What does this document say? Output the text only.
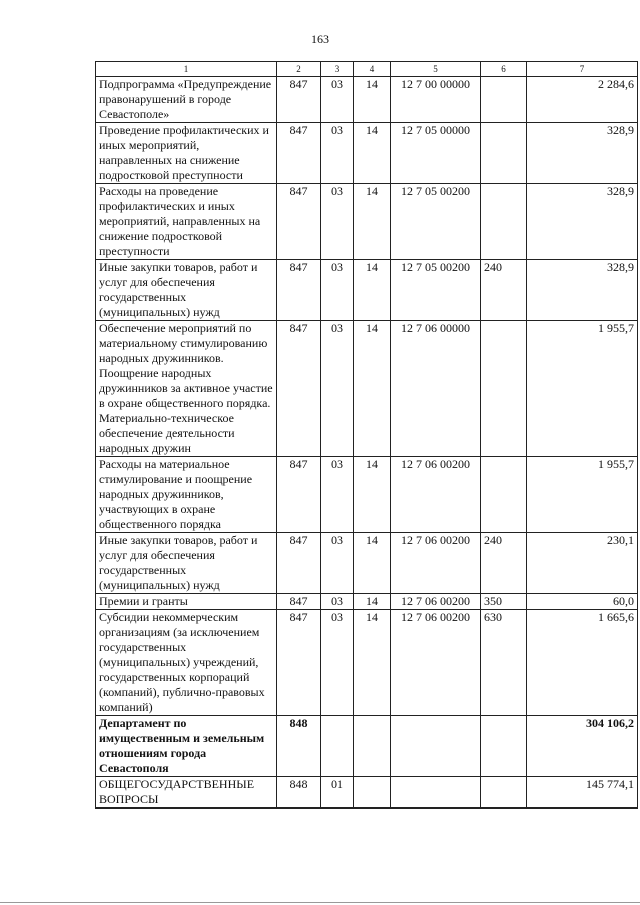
163
1	2	3	4	5	6	7
Подпрограмма «Предупреждение правонарушений в городе Севастополе»	847	03	14	12 7 00 00000		2 284,6
Проведение профилактических и иных мероприятий, направленных на снижение подростковой преступности	847	03	14	12 7 05 00000		328,9
Расходы на проведение профилактических и иных мероприятий, направленных на снижение подростковой преступности	847	03	14	12 7 05 00200		328,9
Иные закупки товаров, работ и услуг для обеспечения государственных (муниципальных) нужд	847	03	14	12 7 05 00200	240	328,9
Обеспечение мероприятий по материальному стимулированию народных дружинников. Поощрение народных дружинников за активное участие в охране общественного порядка. Материально-техническое обеспечение деятельности народных дружин	847	03	14	12 7 06 00000		1 955,7
Расходы на материальное стимулирование и поощрение народных дружинников, участвующих в охране общественного порядка	847	03	14	12 7 06 00200		1 955,7
Иные закупки товаров, работ и услуг для обеспечения государственных (муниципальных) нужд	847	03	14	12 7 06 00200	240	230,1
Премии и гранты	847	03	14	12 7 06 00200	350	60,0
Субсидии некоммерческим организациям (за исключением государственных (муниципальных) учреждений, государственных корпораций (компаний), публично-правовых компаний)	847	03	14	12 7 06 00200	630	1 665,6
Департамент по имущественным и земельным отношениям города Севастополя	848					304 106,2
ОБЩЕГОСУДАРСТВЕННЫЕ ВОПРОСЫ	848	01				145 774,1
